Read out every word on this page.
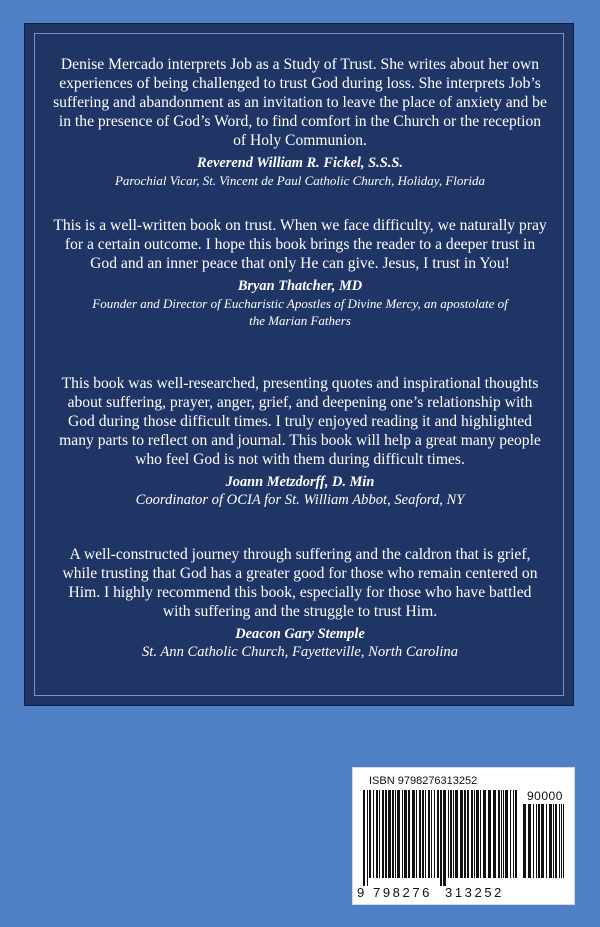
Denise Mercado interprets Job as a Study of Trust. She writes about her own experiences of being challenged to trust God during loss. She interprets Job’s suffering and abandonment as an invitation to leave the place of anxiety and be in the presence of God’s Word, to find comfort in the Church or the reception of Holy Communion.

Reverend William R. Fickel, S.S.S.
Parochial Vicar, St. Vincent de Paul Catholic Church, Holiday, Florida

This is a well-written book on trust. When we face difficulty, we naturally pray for a certain outcome. I hope this book brings the reader to a deeper trust in God and an inner peace that only He can give. Jesus, I trust in You!

Bryan Thatcher, MD
Founder and Director of Eucharistic Apostles of Divine Mercy, an apostolate of the Marian Fathers

This book was well-researched, presenting quotes and inspirational thoughts about suffering, prayer, anger, grief, and deepening one’s relationship with God during those difficult times. I truly enjoyed reading it and highlighted many parts to reflect on and journal. This book will help a great many people who feel God is not with them during difficult times.

Joann Metzdorff, D. Min
Coordinator of OCIA for St. William Abbot, Seaford, NY

A well-constructed journey through suffering and the caldron that is grief, while trusting that God has a greater good for those who remain centered on Him. I highly recommend this book, especially for those who have battled with suffering and the struggle to trust Him.

Deacon Gary Stemple
St. Ann Catholic Church, Fayetteville, North Carolina
ISBN 9798276313252
90000
9 798276 313252
